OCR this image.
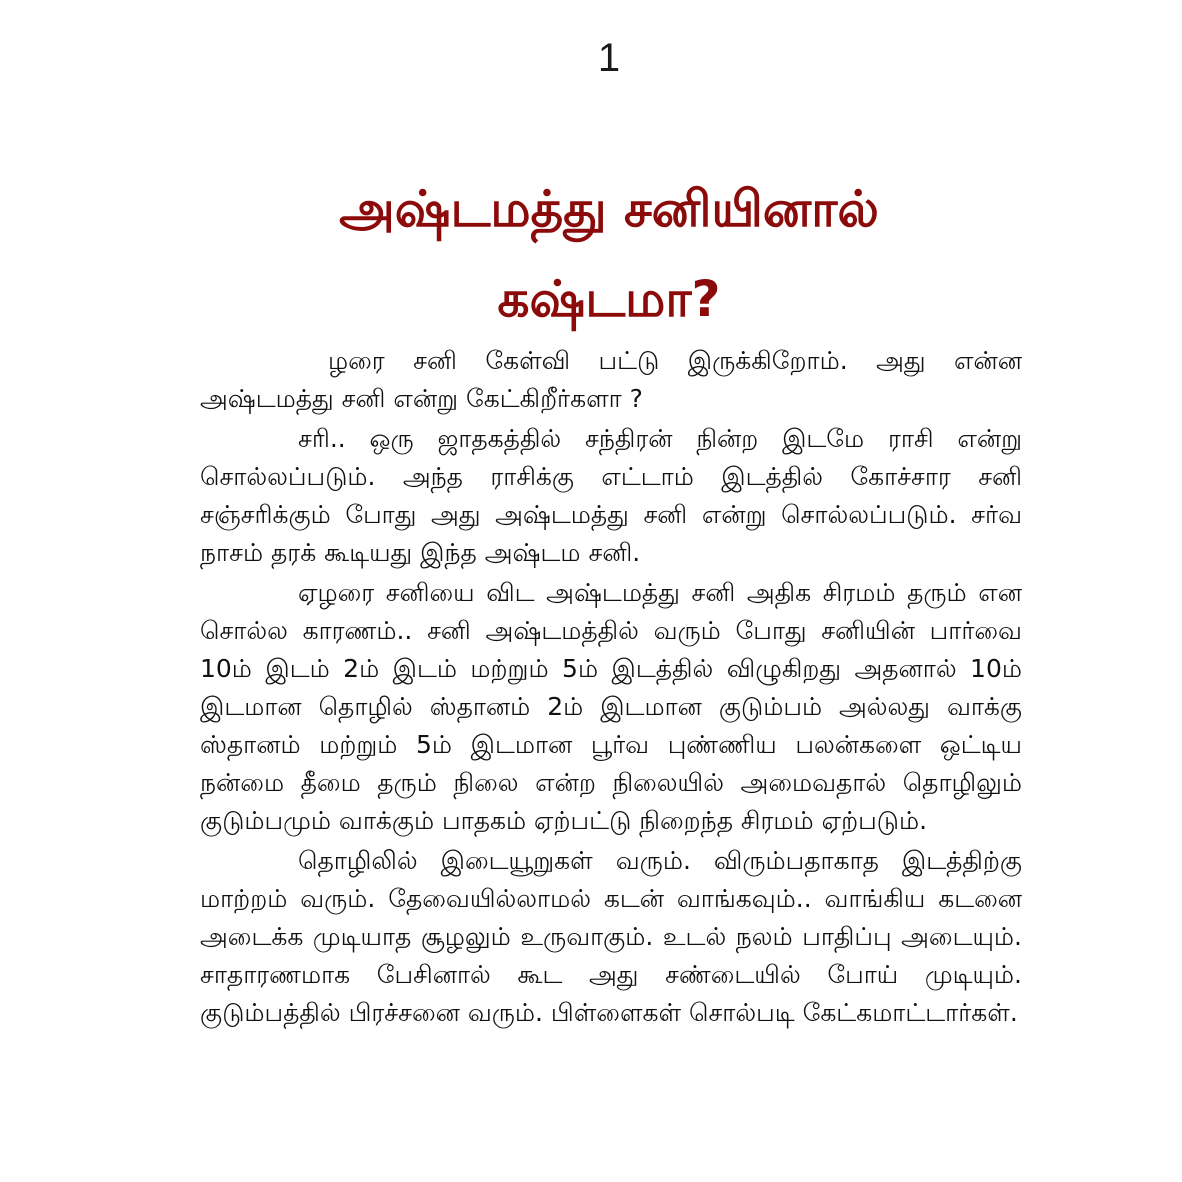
1
அஷ்டமத்து சனியினால்
கஷ்டமா?

ழரை சனி கேள்வி பட்டு இருக்கிறோம். அது என்ன அஷ்டமத்து சனி என்று கேட்கிறீர்களா ?

சரி.. ஒரு ஜாதகத்தில் சந்திரன் நின்ற இடமே ராசி என்று சொல்லப்படும். அந்த ராசிக்கு எட்டாம் இடத்தில் கோச்சார சனி சஞ்சரிக்கும் போது அது அஷ்டமத்து சனி என்று சொல்லப்படும். சர்வ நாசம் தரக் கூடியது இந்த அஷ்டம சனி.

ஏழரை சனியை விட அஷ்டமத்து சனி அதிக சிரமம் தரும் என சொல்ல காரணம்.. சனி அஷ்டமத்தில் வரும் போது சனியின் பார்வை 10ம் இடம் 2ம் இடம் மற்றும் 5ம் இடத்தில் விழுகிறது அதனால் 10ம் இடமான தொழில் ஸ்தானம் 2ம் இடமான குடும்பம் அல்லது வாக்கு ஸ்தானம் மற்றும் 5ம் இடமான பூர்வ புண்ணிய பலன்களை ஒட்டிய நன்மை தீமை தரும் நிலை என்ற நிலையில் அமைவதால் தொழிலும் குடும்பமும் வாக்கும் பாதகம் ஏற்பட்டு நிறைந்த சிரமம் ஏற்படும்.

தொழிலில் இடையூறுகள் வரும். விரும்பதாகாத இடத்திற்கு மாற்றம் வரும். தேவையில்லாமல் கடன் வாங்கவும்.. வாங்கிய கடனை அடைக்க முடியாத சூழலும் உருவாகும். உடல் நலம் பாதிப்பு அடையும். சாதாரணமாக பேசினால் கூட அது சண்டையில் போய் முடியும். குடும்பத்தில் பிரச்சனை வரும். பிள்ளைகள் சொல்படி கேட்கமாட்டார்கள்.
